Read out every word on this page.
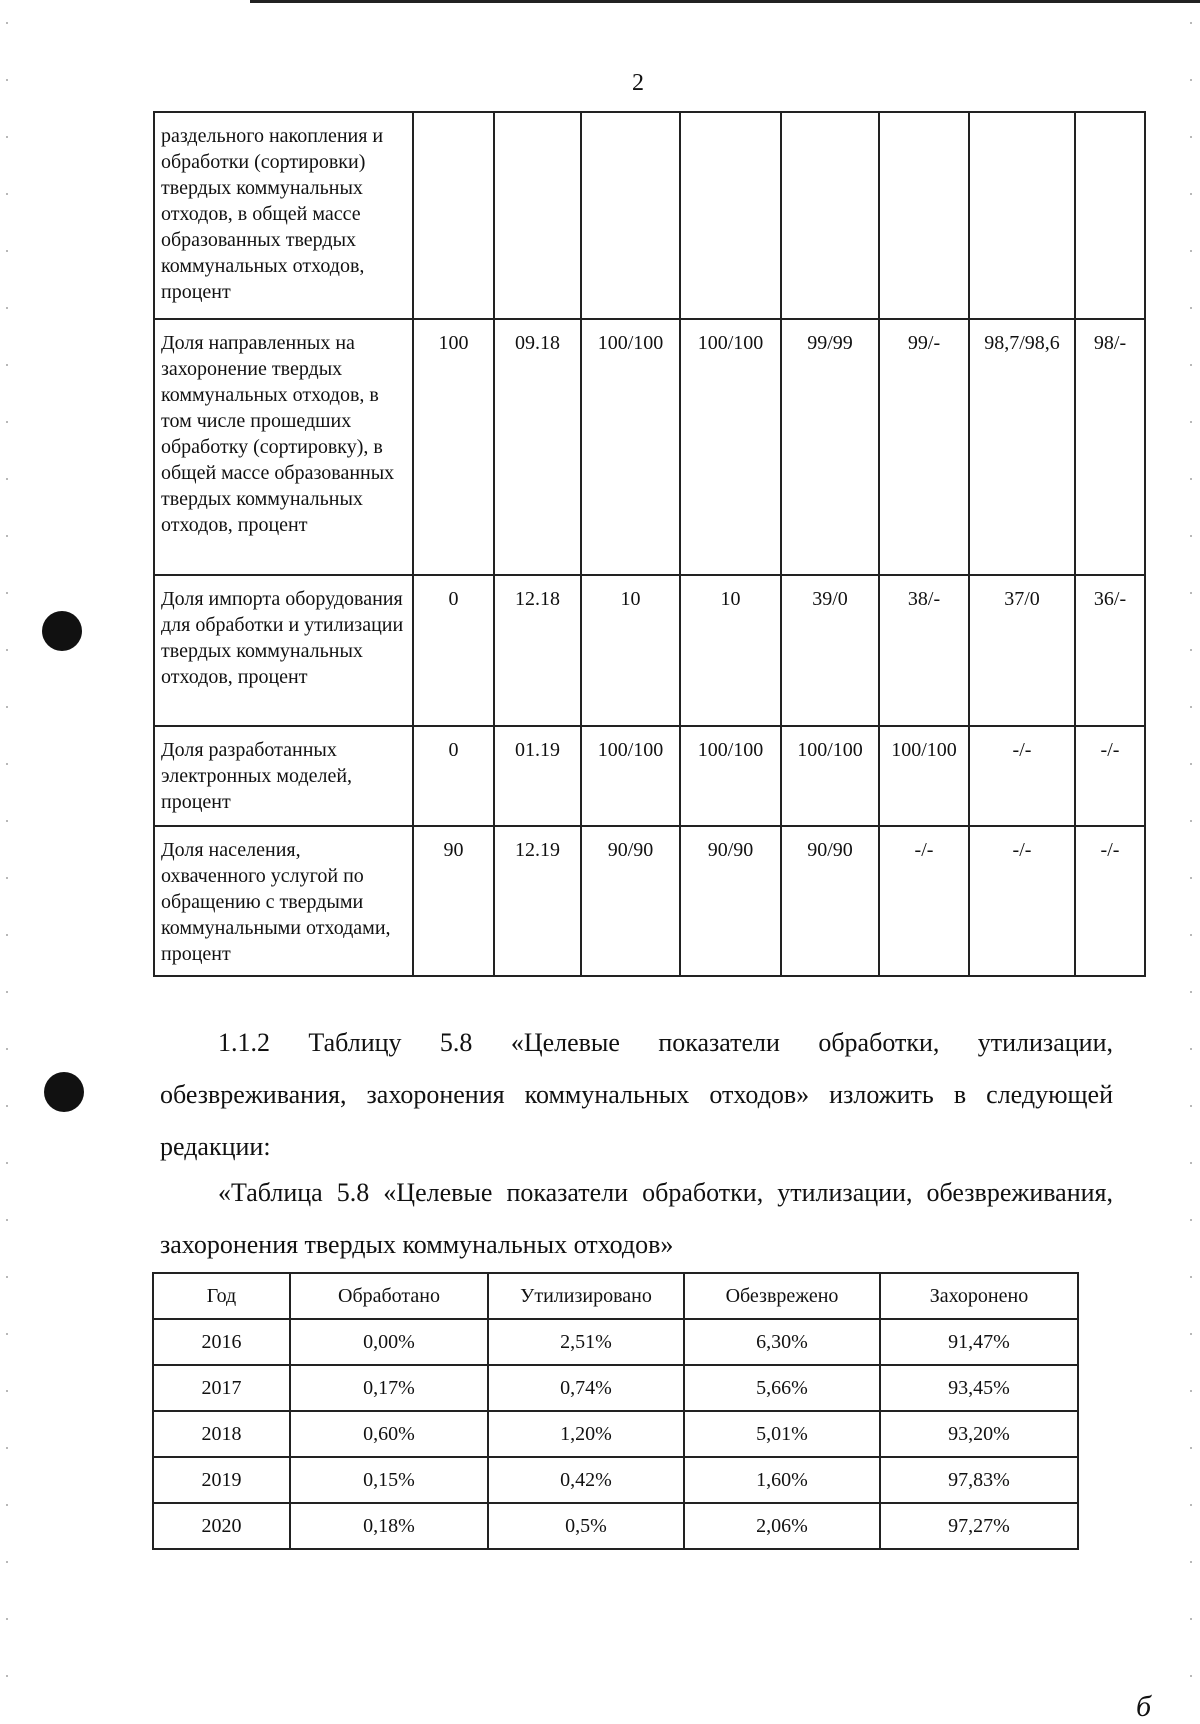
2
раздельного накопления и обработки (сортировки) твердых коммунальных отходов, в общей массе образованных твердых коммунальных отходов, процент								
Доля направленных на захоронение твердых коммунальных отходов, в том числе прошедших обработку (сортировку), в общей массе образованных твердых коммунальных отходов, процент	100	09.18	100/100	100/100	99/99	99/-	98,7/98,6	98/-
Доля импорта оборудования для обработки и утилизации твердых коммунальных отходов, процент	0	12.18	10	10	39/0	38/-	37/0	36/-
Доля разработанных электронных моделей, процент	0	01.19	100/100	100/100	100/100	100/100	-/-	-/-
Доля населения, охваченного услугой по обращению с твердыми коммунальными отходами, процент	90	12.19	90/90	90/90	90/90	-/-	-/-	-/-

1.1.2 Таблицу 5.8 «Целевые показатели обработки, утилизации, обезвреживания, захоронения коммунальных отходов» изложить в следующей редакции:

«Таблица 5.8 «Целевые показатели обработки, утилизации, обезвреживания, захоронения твердых коммунальных отходов»

Год	Обработано	Утилизировано	Обезврежено	Захоронено
2016	0,00%	2,51%	6,30%	91,47%
2017	0,17%	0,74%	5,66%	93,45%
2018	0,60%	1,20%	5,01%	93,20%
2019	0,15%	0,42%	1,60%	97,83%
2020	0,18%	0,5%	2,06%	97,27%
б
